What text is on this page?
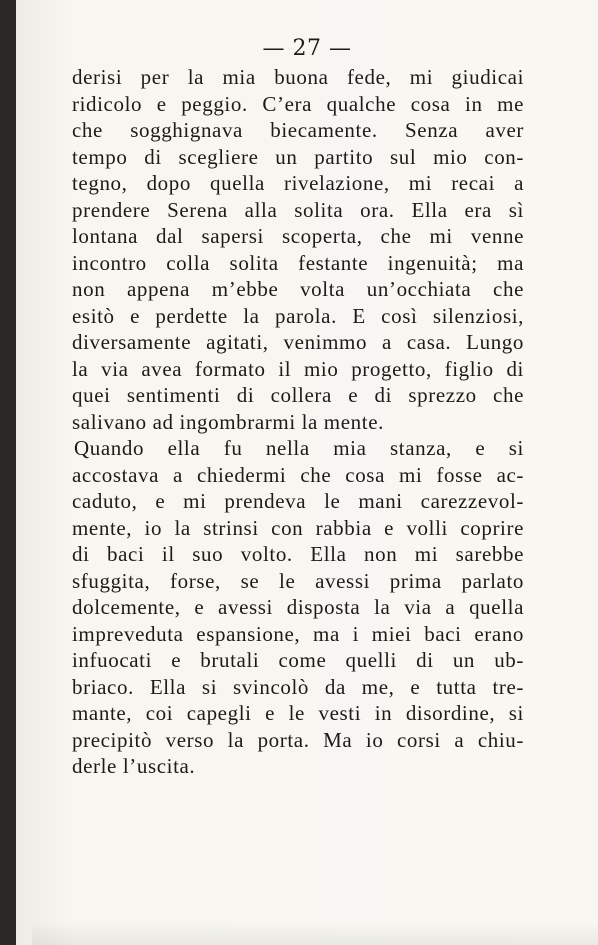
— 27 —
derisi per la mia buona fede, mi giudicai
ridicolo e peggio. C’era qualche cosa in me
che sogghignava biecamente. Senza aver
tempo di scegliere un partito sul mio con-
tegno, dopo quella rivelazione, mi recai a
prendere Serena alla solita ora. Ella era sì
lontana dal sapersi scoperta, che mi venne
incontro colla solita festante ingenuità; ma
non appena m’ebbe volta un’occhiata che
esitò e perdette la parola. E così silenziosi,
diversamente agitati, venimmo a casa. Lungo
la via avea formato il mio progetto, figlio di
quei sentimenti di collera e di sprezzo che
salivano ad ingombrarmi la mente.
Quando ella fu nella mia stanza, e si
accostava a chiedermi che cosa mi fosse ac-
caduto, e mi prendeva le mani carezzevol-
mente, io la strinsi con rabbia e volli coprire
di baci il suo volto. Ella non mi sarebbe
sfuggita, forse, se le avessi prima parlato
dolcemente, e avessi disposta la via a quella
impreveduta espansione, ma i miei baci erano
infuocati e brutali come quelli di un ub-
briaco. Ella si svincolò da me, e tutta tre-
mante, coi capegli e le vesti in disordine, si
precipitò verso la porta. Ma io corsi a chiu-
derle l’uscita.
